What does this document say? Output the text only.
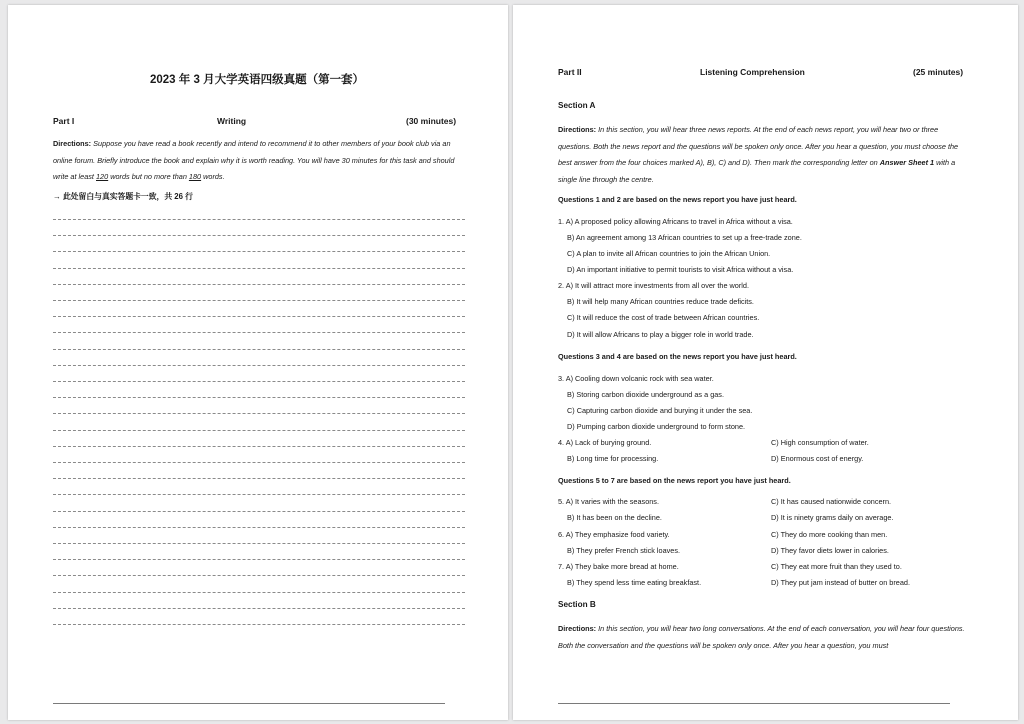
2023 年 3 月大学英语四级真题（第一套）
Part I	Writing	(30 minutes)
Directions: Suppose you have read a book recently and intend to recommend it to other members of your book club via an online forum. Briefly introduce the book and explain why it is worth reading. You will have 30 minutes for this task and should write at least 120 words but no more than 180 words.
→ 此处留白与真实答题卡一致，共 26 行
Part II	Listening Comprehension	(25 minutes)
Section A
Directions: In this section, you will hear three news reports. At the end of each news report, you will hear two or three questions. Both the news report and the questions will be spoken only once. After you hear a question, you must choose the best answer from the four choices marked A), B), C) and D). Then mark the corresponding letter on Answer Sheet 1 with a single line through the centre.
Questions 1 and 2 are based on the news report you have just heard.
1. A) A proposed policy allowing Africans to travel in Africa without a visa.
B) An agreement among 13 African countries to set up a free-trade zone.
C) A plan to invite all African countries to join the African Union.
D) An important initiative to permit tourists to visit Africa without a visa.
2. A) It will attract more investments from all over the world.
B) It will help many African countries reduce trade deficits.
C) It will reduce the cost of trade between African countries.
D) It will allow Africans to play a bigger role in world trade.
Questions 3 and 4 are based on the news report you have just heard.
3. A) Cooling down volcanic rock with sea water.
B) Storing carbon dioxide underground as a gas.
C) Capturing carbon dioxide and burying it under the sea.
D) Pumping carbon dioxide underground to form stone.
4. A) Lack of burying ground.	C) High consumption of water.
B) Long time for processing.	D) Enormous cost of energy.
Questions 5 to 7 are based on the news report you have just heard.
5. A) It varies with the seasons.	C) It has caused nationwide concern.
B) It has been on the decline.	D) It is ninety grams daily on average.
6. A) They emphasize food variety.	C) They do more cooking than men.
B) They prefer French stick loaves.	D) They favor diets lower in calories.
7. A) They bake more bread at home.	C) They eat more fruit than they used to.
B) They spend less time eating breakfast.	D) They put jam instead of butter on bread.
Section B
Directions: In this section, you will hear two long conversations. At the end of each conversation, you will hear four questions. Both the conversation and the questions will be spoken only once. After you hear a question, you must
